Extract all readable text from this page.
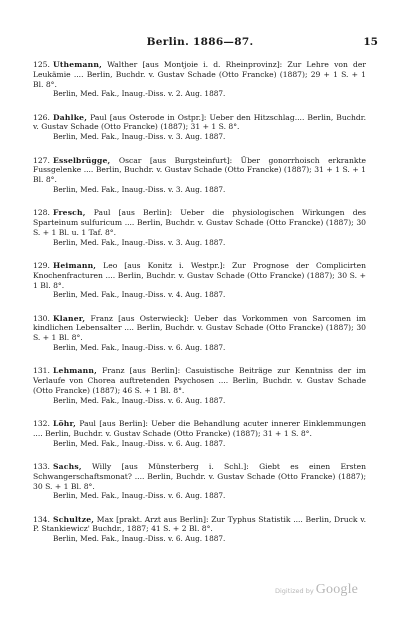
Berlin. 1886—87.	15
125. Uthemann, Walther [aus Montjoie i. d. Rheinprovinz]: Zur Lehre von der Leukämie .... Berlin, Buchdr. v. Gustav Schade (Otto Francke) (1887); 29 + 1 S. + 1 Bl. 8°.
Berlin, Med. Fak., Inaug.-Diss. v. 2. Aug. 1887.
126. Dahlke, Paul [aus Osterode in Ostpr.]: Ueber den Hitzschlag.... Berlin, Buchdr. v. Gustav Schade (Otto Francke) (1887); 31 + 1 S. 8°.
Berlin, Med. Fak., Inaug.-Diss. v. 3. Aug. 1887.
127. Esselbrügge, Oscar [aus Burgsteinfurt]: Über gonorrhoisch erkrankte Fussgelenke .... Berlin, Buchdr. v. Gustav Schade (Otto Francke) (1887); 31 + 1 S. + 1 Bl. 8°.
Berlin, Med. Fak., Inaug.-Diss. v. 3. Aug. 1887.
128. Fresch, Paul [aus Berlin]: Ueber die physiologischen Wirkungen des Sparteinum sulfuricum .... Berlin, Buchdr. v. Gustav Schade (Otto Francke) (1887); 30 S. + 1 Bl. u. 1 Taf. 8°.
Berlin, Med. Fak., Inaug.-Diss. v. 3. Aug. 1887.
129. Heimann, Leo [aus Konitz i. Westpr.]: Zur Prognose der Complicirten Knochenfracturen .... Berlin, Buchdr. v. Gustav Schade (Otto Francke) (1887); 30 S. + 1 Bl. 8°.
Berlin, Med. Fak., Inaug.-Diss. v. 4. Aug. 1887.
130. Klaner, Franz [aus Osterwieck]: Ueber das Vorkommen von Sarcomen im kindlichen Lebensalter .... Berlin, Buchdr. v. Gustav Schade (Otto Francke) (1887); 30 S. + 1 Bl. 8°.
Berlin, Med. Fak., Inaug.-Diss. v. 6. Aug. 1887.
131. Lehmann, Franz [aus Berlin]: Casuistische Beiträge zur Kenntniss der im Verlaufe von Chorea auftretenden Psychosen .... Berlin, Buchdr. v. Gustav Schade (Otto Francke) (1887); 46 S. + 1 Bl. 8°.
Berlin, Med. Fak., Inaug.-Diss. v. 6. Aug. 1887.
132. Löhr, Paul [aus Berlin]: Ueber die Behandlung acuter innerer Einklemmungen .... Berlin, Buchdr. v. Gustav Schade (Otto Francke) (1887); 31 + 1 S. 8°.
Berlin, Med. Fak., Inaug.-Diss. v. 6. Aug. 1887.
133. Sachs, Willy [aus Münsterberg i. Schl.]: Giebt es einen Ersten Schwangerschaftsmonat? .... Berlin, Buchdr. v. Gustav Schade (Otto Francke) (1887); 30 S. + 1 Bl. 8°.
Berlin, Med. Fak., Inaug.-Diss. v. 6. Aug. 1887.
134. Schultze, Max [prakt. Arzt aus Berlin]: Zur Typhus Statistik .... Berlin, Druck v. P. Stankiewicz' Buchdr., 1887; 41 S. + 2 Bl. 8°.
Berlin, Med. Fak., Inaug.-Diss. v. 6. Aug. 1887.
Digitized by Google
